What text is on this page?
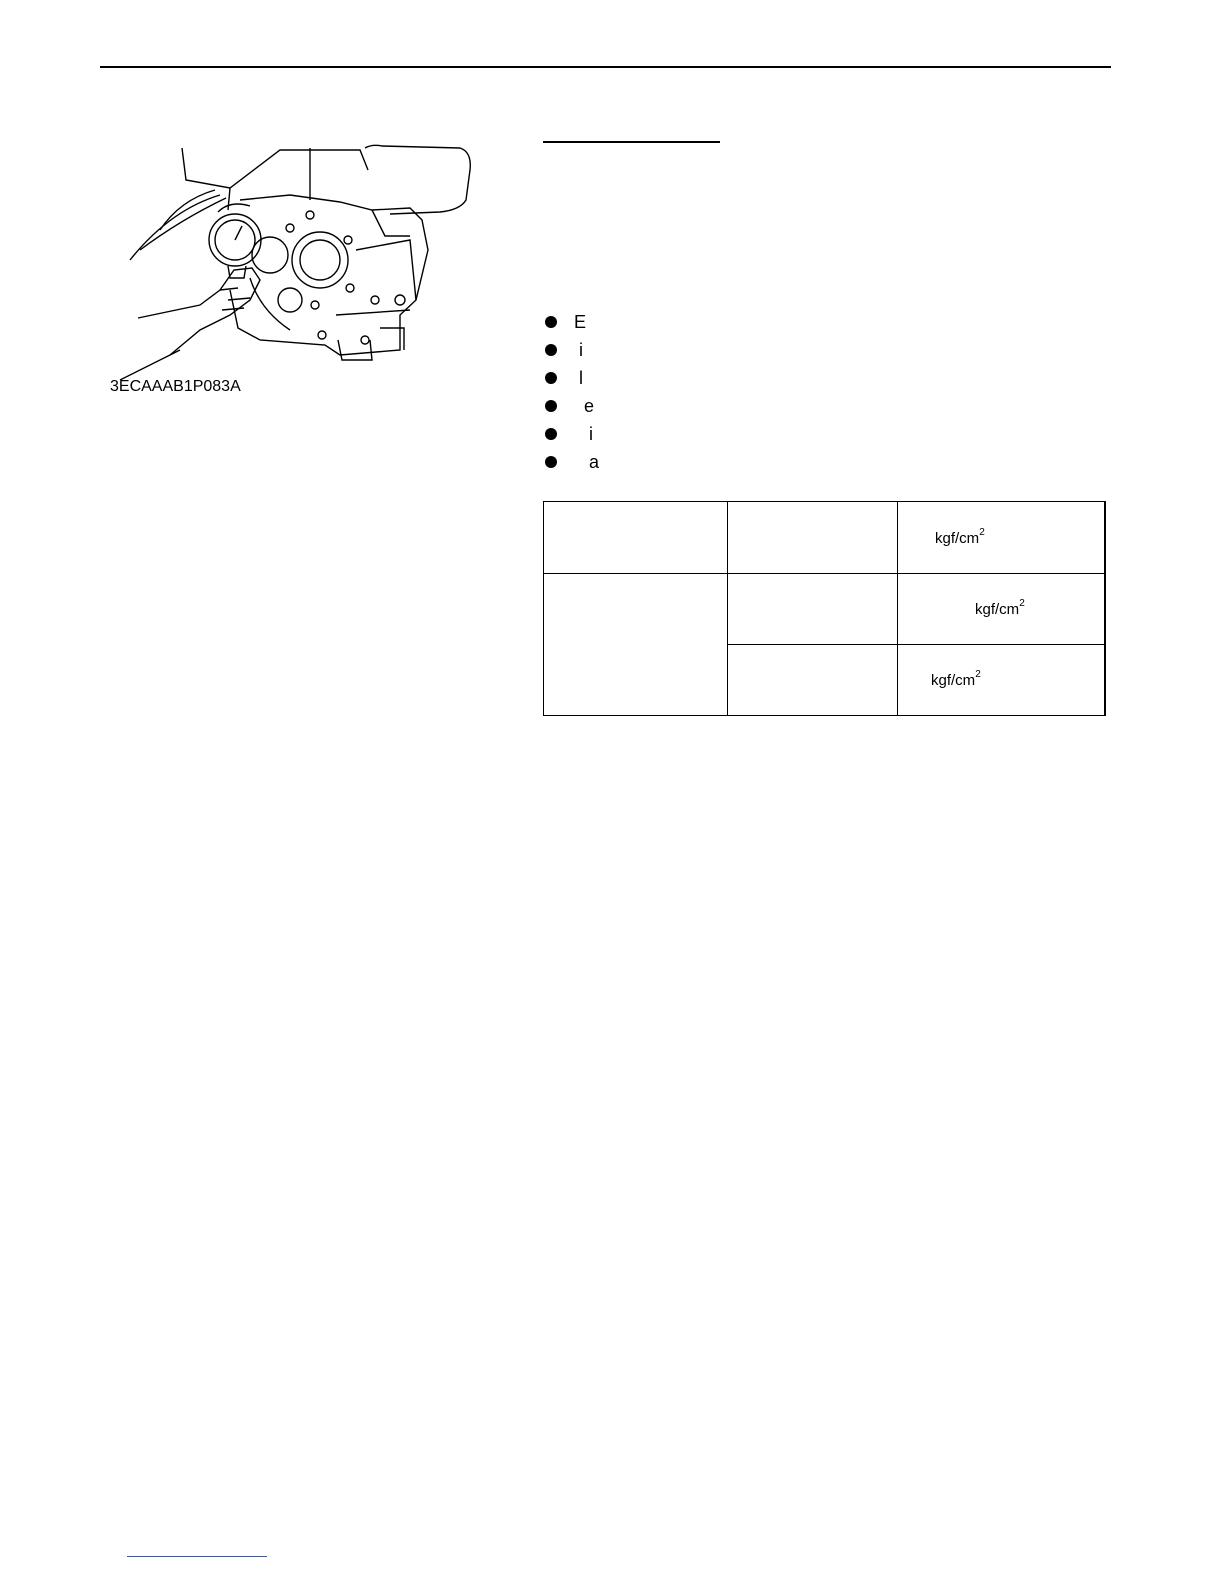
3ECAAAB1P083A
E
i
l
e
i
a
		kgf/$cm^2$
		kgf/$cm^2$
		kgf/$cm^2$
